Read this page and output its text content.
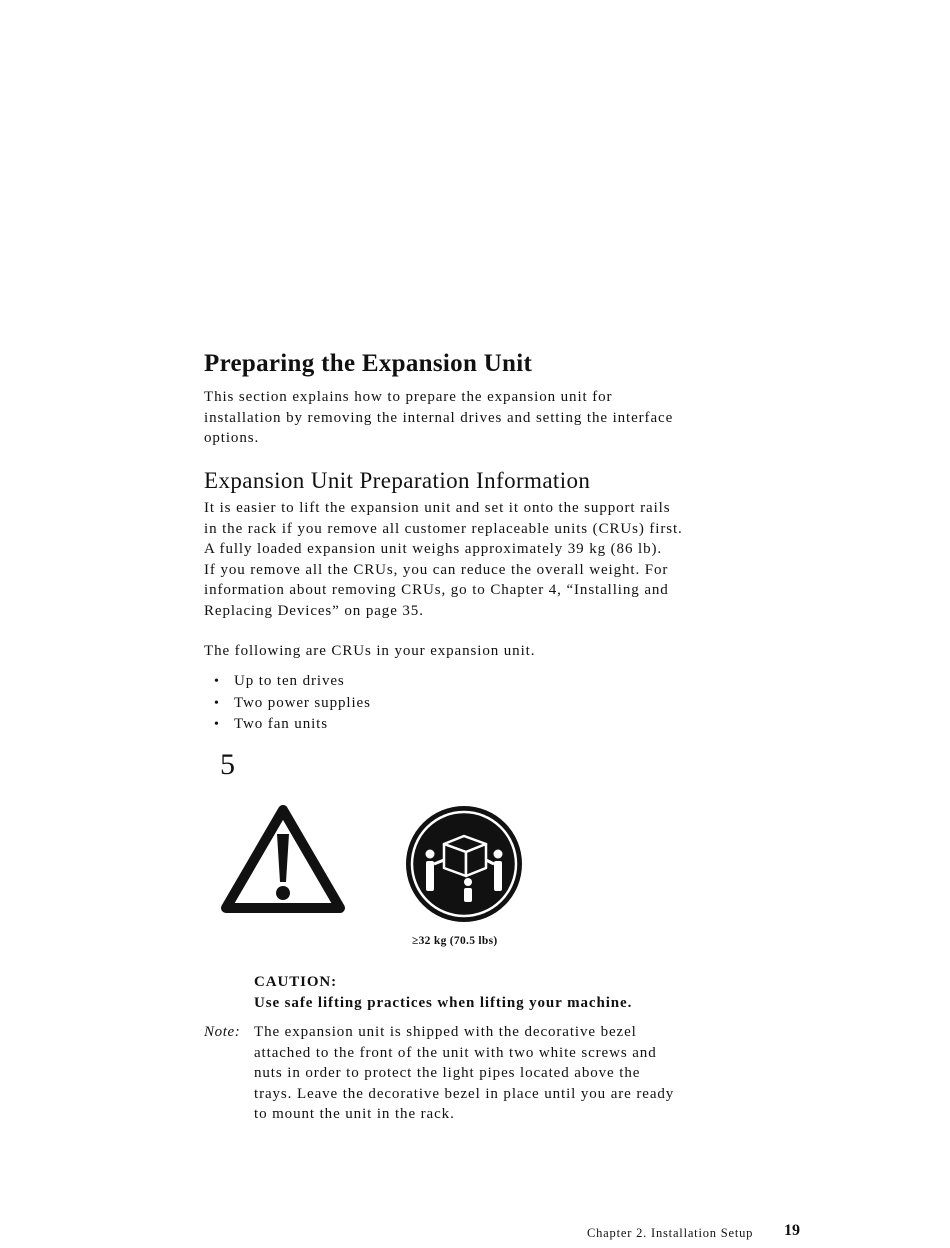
Preparing the Expansion Unit
This section explains how to prepare the expansion unit for
installation by removing the internal drives and setting the interface
options.
Expansion Unit Preparation Information
It is easier to lift the expansion unit and set it onto the support rails
in the rack if you remove all customer replaceable units (CRUs) first.
A fully loaded expansion unit weighs approximately 39 kg (86 lb).
If you remove all the CRUs, you can reduce the overall weight. For
information about removing CRUs, go to Chapter 4, “Installing and
Replacing Devices” on page 35.
The following are CRUs in your expansion unit.
• Up to ten drives
• Two power supplies
• Two fan units
5
≥32 kg (70.5 lbs)
CAUTION:
Use safe lifting practices when lifting your machine.
Note: The expansion unit is shipped with the decorative bezel
attached to the front of the unit with two white screws and
nuts in order to protect the light pipes located above the
trays. Leave the decorative bezel in place until you are ready
to mount the unit in the rack.
Chapter 2. Installation Setup 19
